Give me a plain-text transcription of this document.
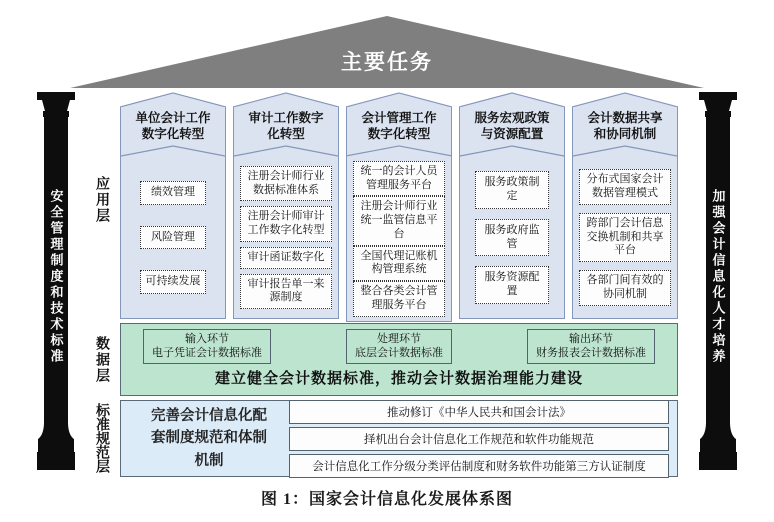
主要任务
安全管理制度和技术标准	加强会计信息化人才培养
应用层
数据层
标准规范层
单位会计工作
数字化转型
绩效管理
风险管理
可持续发展
审计工作数字
化转型
注册会计师行业数据标准体系
注册会计师审计工作数字化转型
审计函证数字化
审计报告单一来源制度
会计管理工作
数字化转型
统一的会计人员管理服务平台
注册会计师行业统一监管信息平台
全国代理记账机构管理系统
整合各类会计管理服务平台
服务宏观政策
与资源配置
服务政策制定
服务政府监管
服务资源配置
会计数据共享
和协同机制
分布式国家会计数据管理模式
跨部门会计信息交换机制和共享平台
各部门间有效的协同机制
输入环节
电子凭证会计数据标准
处理环节
底层会计数据标准
输出环节
财务报表会计数据标准
建立健全会计数据标准，推动会计数据治理能力建设
完善会计信息化配套制度规范和体制机制
推动修订《中华人民共和国会计法》
择机出台会计信息化工作规范和软件功能规范
会计信息化工作分级分类评估制度和财务软件功能第三方认证制度
图 1：国家会计信息化发展体系图
